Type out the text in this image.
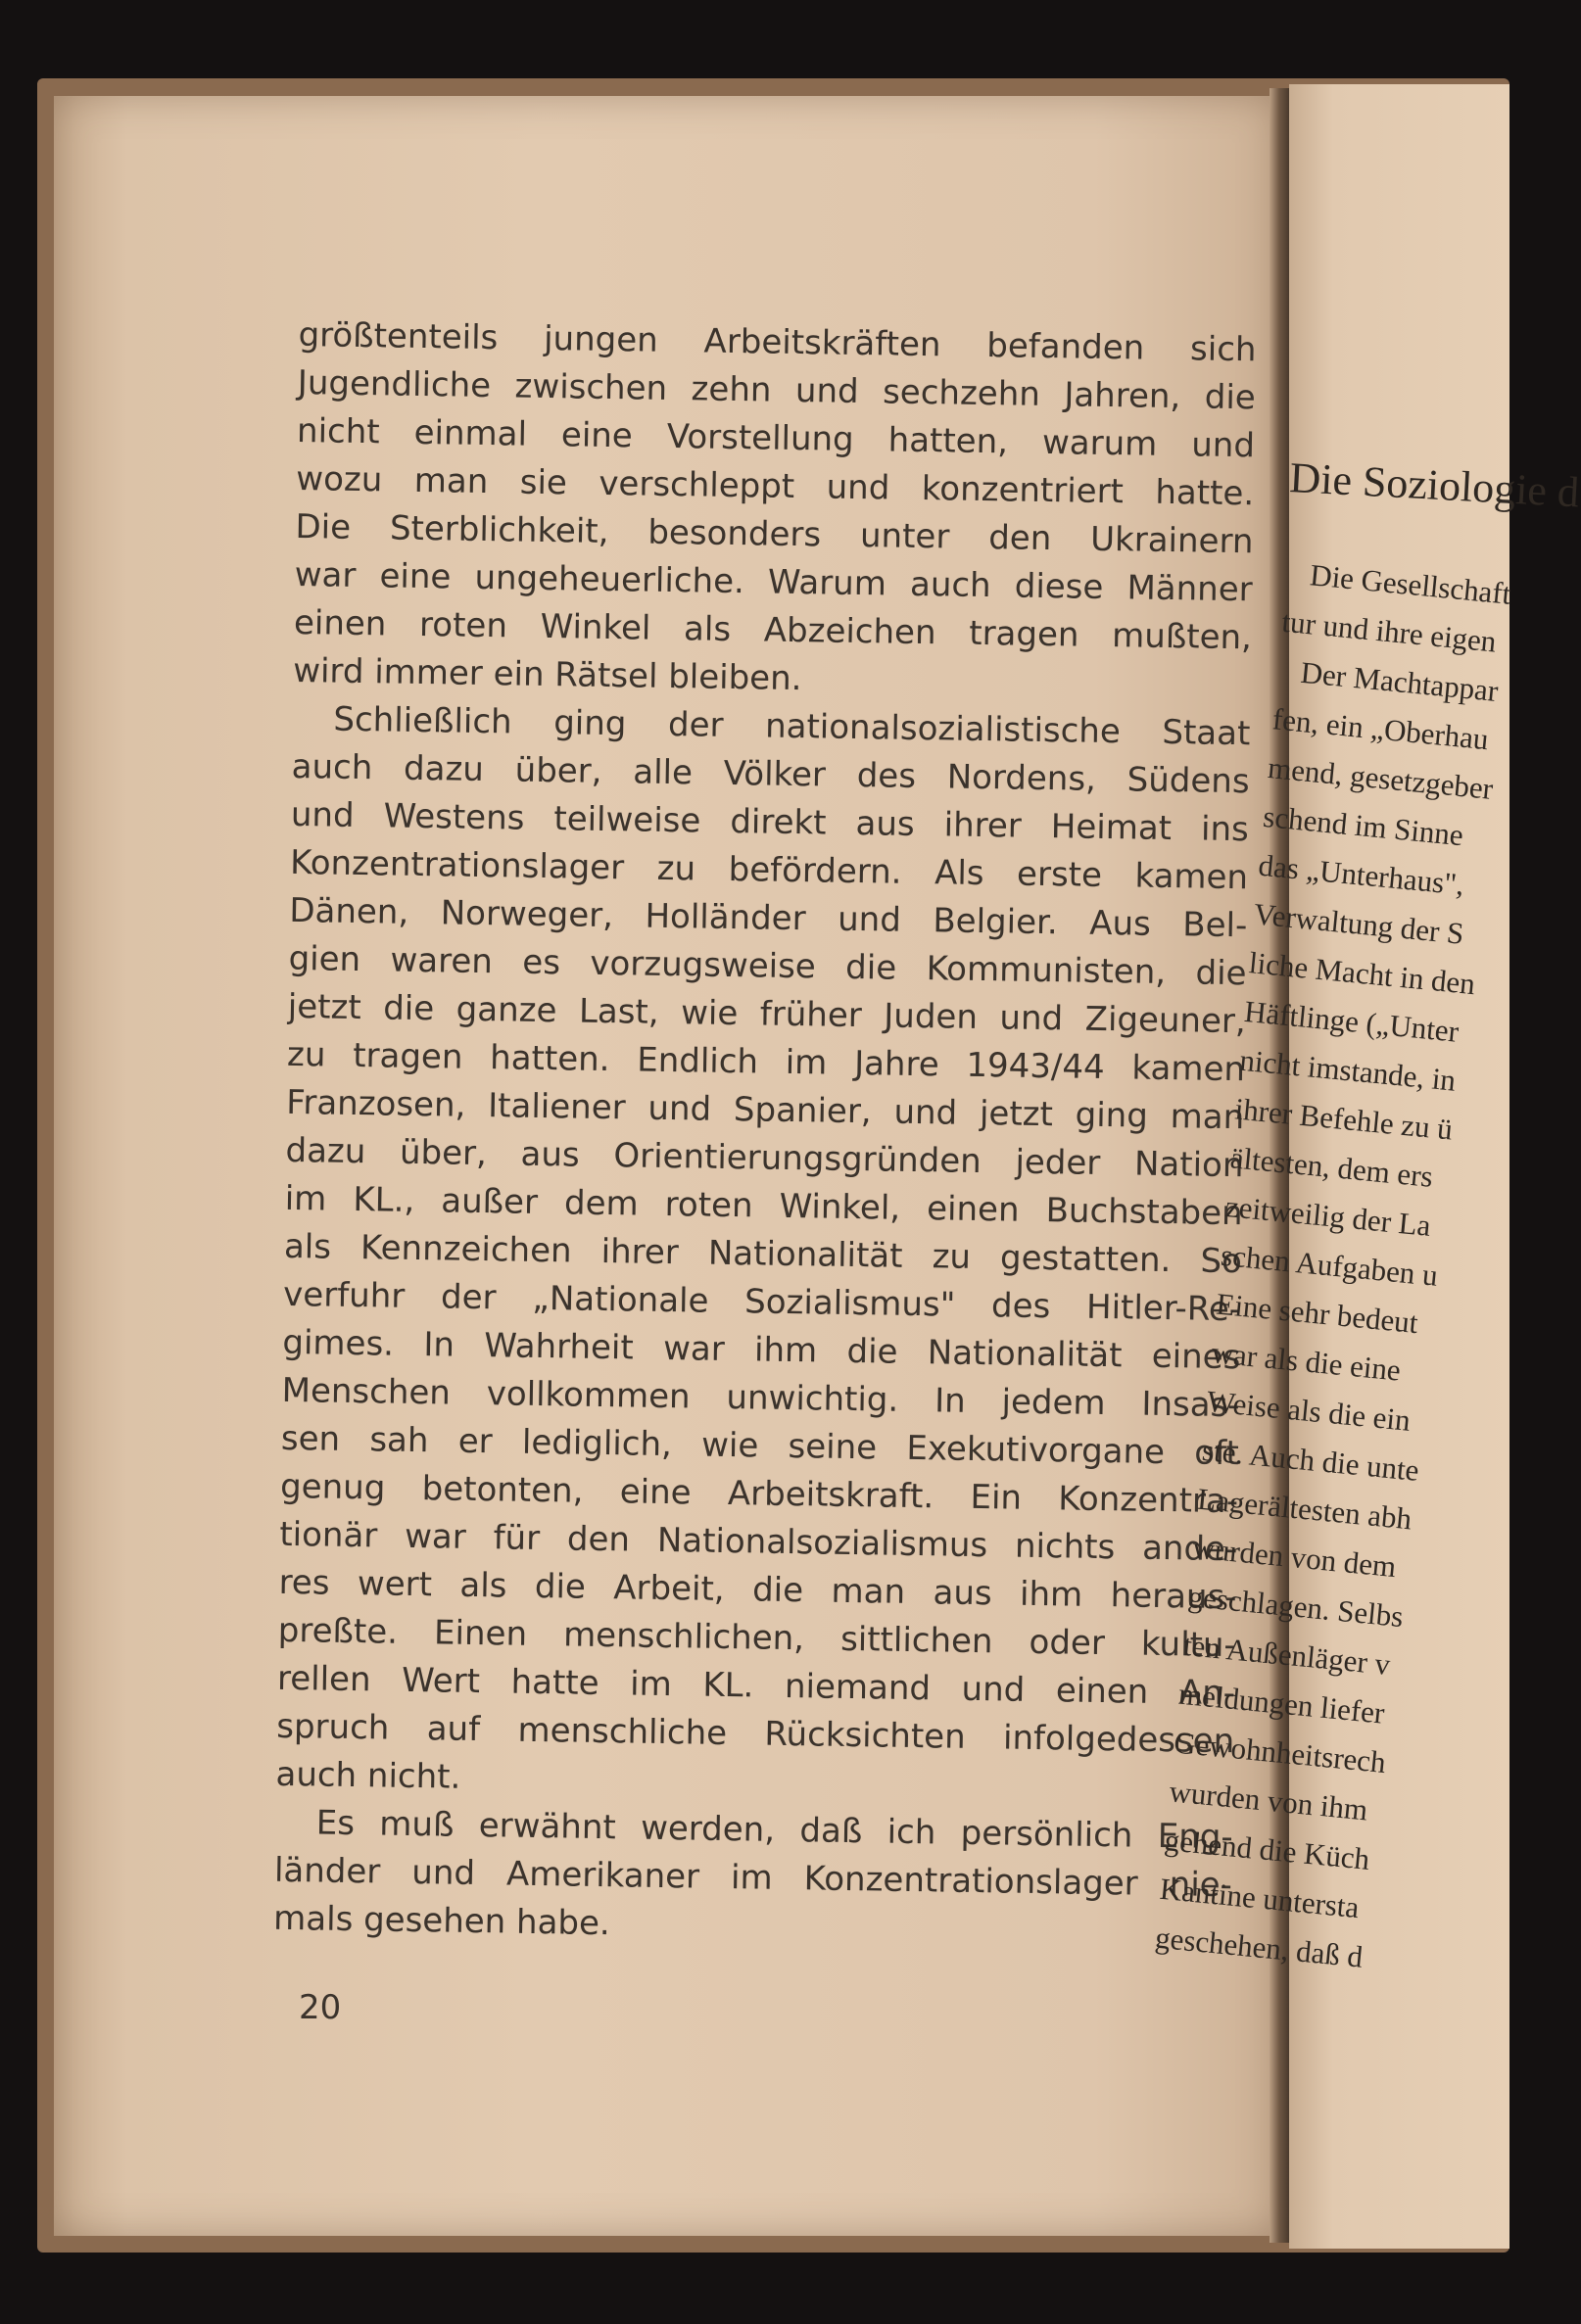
größtenteils jungen Arbeitskräften befanden sich
Jugendliche zwischen zehn und sechzehn Jahren, die
nicht einmal eine Vorstellung hatten, warum und
wozu man sie verschleppt und konzentriert hatte.
Die Sterblichkeit, besonders unter den Ukrainern
war eine ungeheuerliche. Warum auch diese Männer
einen roten Winkel als Abzeichen tragen mußten,
wird immer ein Rätsel bleiben.
Schließlich ging der nationalsozialistische Staat
auch dazu über, alle Völker des Nordens, Südens
und Westens teilweise direkt aus ihrer Heimat ins
Konzentrationslager zu befördern. Als erste kamen
Dänen, Norweger, Holländer und Belgier. Aus Bel-
gien waren es vorzugsweise die Kommunisten, die
jetzt die ganze Last, wie früher Juden und Zigeuner,
zu tragen hatten. Endlich im Jahre 1943/44 kamen
Franzosen, Italiener und Spanier, und jetzt ging man
dazu über, aus Orientierungsgründen jeder Nation
im KL., außer dem roten Winkel, einen Buchstaben
als Kennzeichen ihrer Nationalität zu gestatten. So
verfuhr der „Nationale Sozialismus" des Hitler-Re-
gimes. In Wahrheit war ihm die Nationalität eines
Menschen vollkommen unwichtig. In jedem Insas-
sen sah er lediglich, wie seine Exekutivorgane oft
genug betonten, eine Arbeitskraft. Ein Konzentra-
tionär war für den Nationalsozialismus nichts ande-
res wert als die Arbeit, die man aus ihm heraus-
preßte. Einen menschlichen, sittlichen oder kultu-
rellen Wert hatte im KL. niemand und einen An-
spruch auf menschliche Rücksichten infolgedessen
auch nicht.
Es muß erwähnt werden, daß ich persönlich Eng-
länder und Amerikaner im Konzentrationslager nie-
mals gesehen habe.
20
Die Soziologie d
Die Gesellschaft
tur und ihre eigen
Der Machtappar
fen, ein „Oberhau
mend, gesetzgeber
schend im Sinne
das „Unterhaus",
Verwaltung der S
liche Macht in den
Häftlinge („Unter
nicht imstande, in
ihrer Befehle zu ü
ältesten, dem ers
zeitweilig der La
schen Aufgaben u
Eine sehr bedeut
war als die eine
Weise als die ein
ste. Auch die unte
Lagerältesten abh
wurden von dem
geschlagen. Selbs
ten Außenläger v
meldungen liefer
Gewohnheitsrech
wurden von ihm
gehend die Küch
Kantine untersta
geschehen, daß d
